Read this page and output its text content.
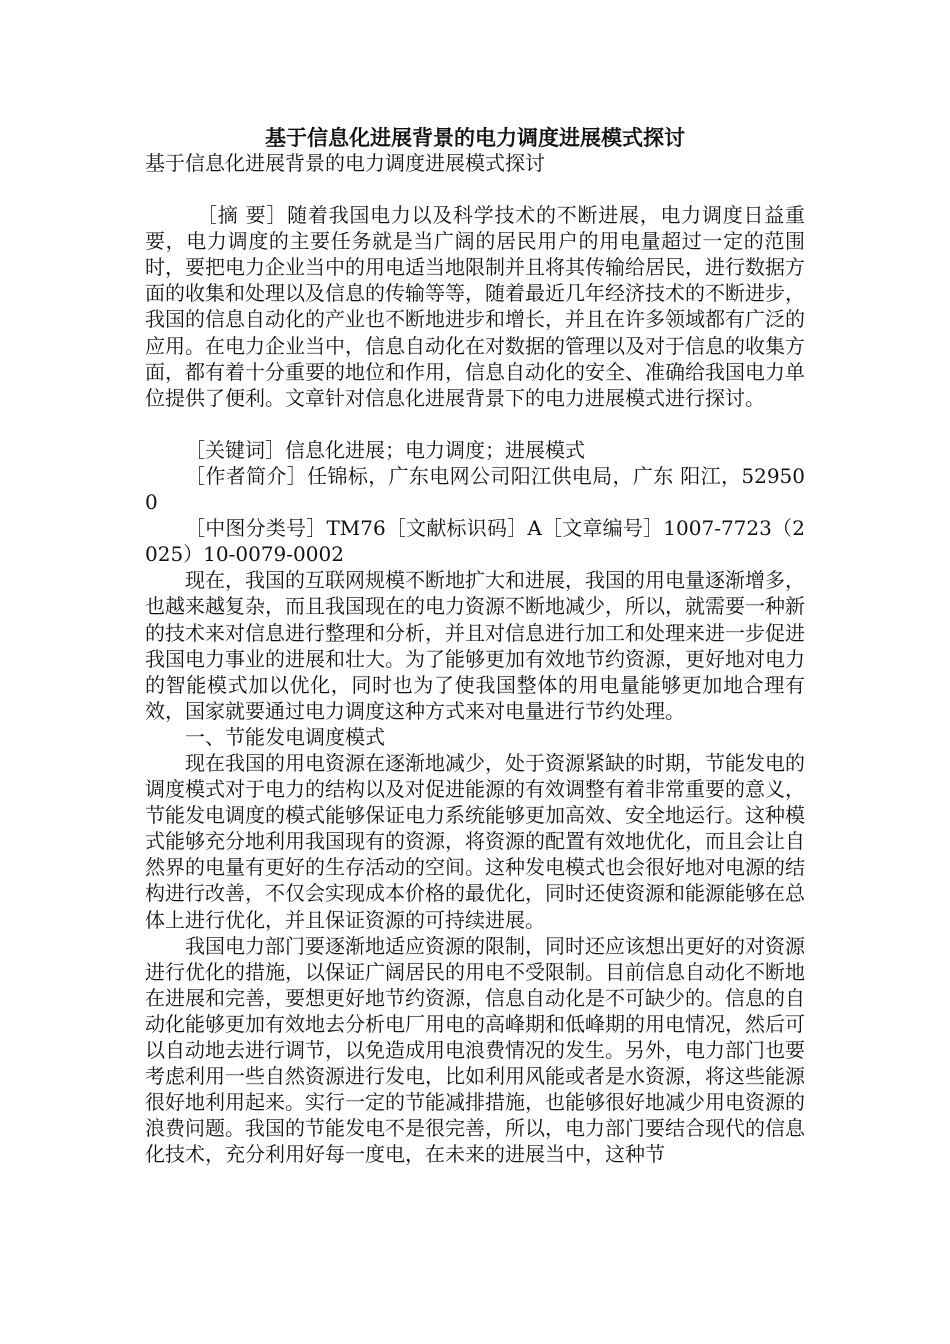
基于信息化进展背景的电力调度进展模式探讨

基于信息化进展背景的电力调度进展模式探讨

［摘 要］随着我国电力以及科学技术的不断进展，电力调度日益重要，电力调度的主要任务就是当广阔的居民用户的用电量超过一定的范围时，要把电力企业当中的用电适当地限制并且将其传输给居民，进行数据方面的收集和处理以及信息的传输等等，随着最近几年经济技术的不断进步，我国的信息自动化的产业也不断地进步和增长，并且在许多领域都有广泛的应用。在电力企业当中，信息自动化在对数据的管理以及对于信息的收集方面，都有着十分重要的地位和作用，信息自动化的安全、准确给我国电力单位提供了便利。文章针对信息化进展背景下的电力进展模式进行探讨。

［关键词］信息化进展；电力调度；进展模式

［作者简介］任锦标，广东电网公司阳江供电局，广东 阳江，529500

［中图分类号］TM76［文献标识码］A［文章编号］1007-7723（2025）10-0079-0002

现在，我国的互联网规模不断地扩大和进展，我国的用电量逐渐增多，也越来越复杂，而且我国现在的电力资源不断地减少，所以，就需要一种新的技术来对信息进行整理和分析，并且对信息进行加工和处理来进一步促进我国电力事业的进展和壮大。为了能够更加有效地节约资源，更好地对电力的智能模式加以优化，同时也为了使我国整体的用电量能够更加地合理有效，国家就要通过电力调度这种方式来对电量进行节约处理。

一、节能发电调度模式

现在我国的用电资源在逐渐地减少，处于资源紧缺的时期，节能发电的调度模式对于电力的结构以及对促进能源的有效调整有着非常重要的意义，节能发电调度的模式能够保证电力系统能够更加高效、安全地运行。这种模式能够充分地利用我国现有的资源，将资源的配置有效地优化，而且会让自然界的电量有更好的生存活动的空间。这种发电模式也会很好地对电源的结构进行改善，不仅会实现成本价格的最优化，同时还使资源和能源能够在总体上进行优化，并且保证资源的可持续进展。

我国电力部门要逐渐地适应资源的限制，同时还应该想出更好的对资源进行优化的措施，以保证广阔居民的用电不受限制。目前信息自动化不断地在进展和完善，要想更好地节约资源，信息自动化是不可缺少的。信息的自动化能够更加有效地去分析电厂用电的高峰期和低峰期的用电情况，然后可以自动地去进行调节，以免造成用电浪费情况的发生。另外，电力部门也要考虑利用一些自然资源进行发电，比如利用风能或者是水资源，将这些能源很好地利用起来。实行一定的节能减排措施，也能够很好地减少用电资源的浪费问题。我国的节能发电不是很完善，所以，电力部门要结合现代的信息化技术，充分利用好每一度电，在未来的进展当中，这种节
